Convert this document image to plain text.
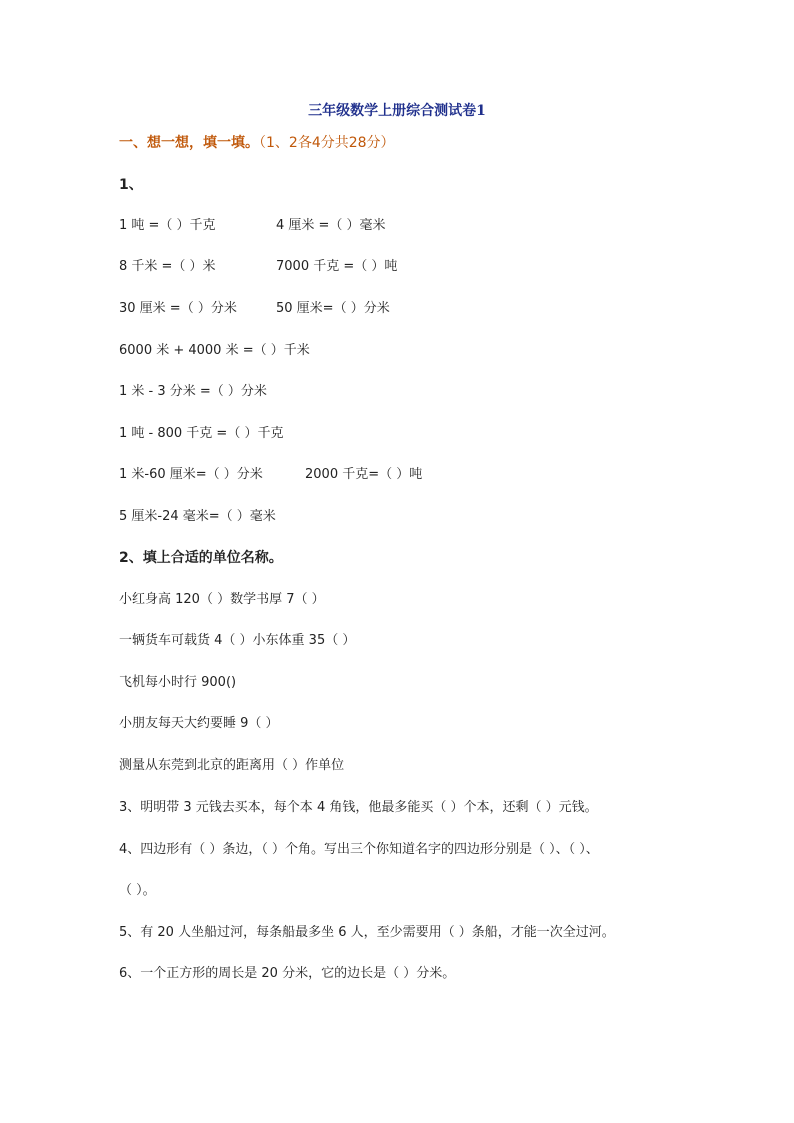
三年级数学上册综合测试卷1
一、想一想，填一填。（1、2各4分共28分）
1、
1 吨 =（ ）千克	4 厘米 =（ ）毫米
8 千米 =（ ）米	7000 千克 =（ ）吨
30 厘米 =（ ）分米	50 厘米=（ ）分米
6000 米 + 4000 米 =（ ）千米
1 米 - 3 分米 =（ ）分米
1 吨 - 800 千克 =（ ）千克
1 米-60 厘米=（ ）分米	2000 千克=（ ）吨
5 厘米-24 毫米=（ ）毫米
2、填上合适的单位名称。
小红身高 120（ ）数学书厚 7（ ）
一辆货车可载货 4（ ）小东体重 35（ ）
飞机每小时行 900()
小朋友每天大约要睡 9（ ）
测量从东莞到北京的距离用（ ）作单位
3、明明带 3 元钱去买本，每个本 4 角钱，他最多能买（ ）个本，还剩（ ）元钱。
4、四边形有（ ）条边，（ ）个角。写出三个你知道名字的四边形分别是（ ）、（ ）、
（ ）。
5、有 20 人坐船过河，每条船最多坐 6 人，至少需要用（ ）条船，才能一次全过河。
6、一个正方形的周长是 20 分米，它的边长是（ ）分米。
